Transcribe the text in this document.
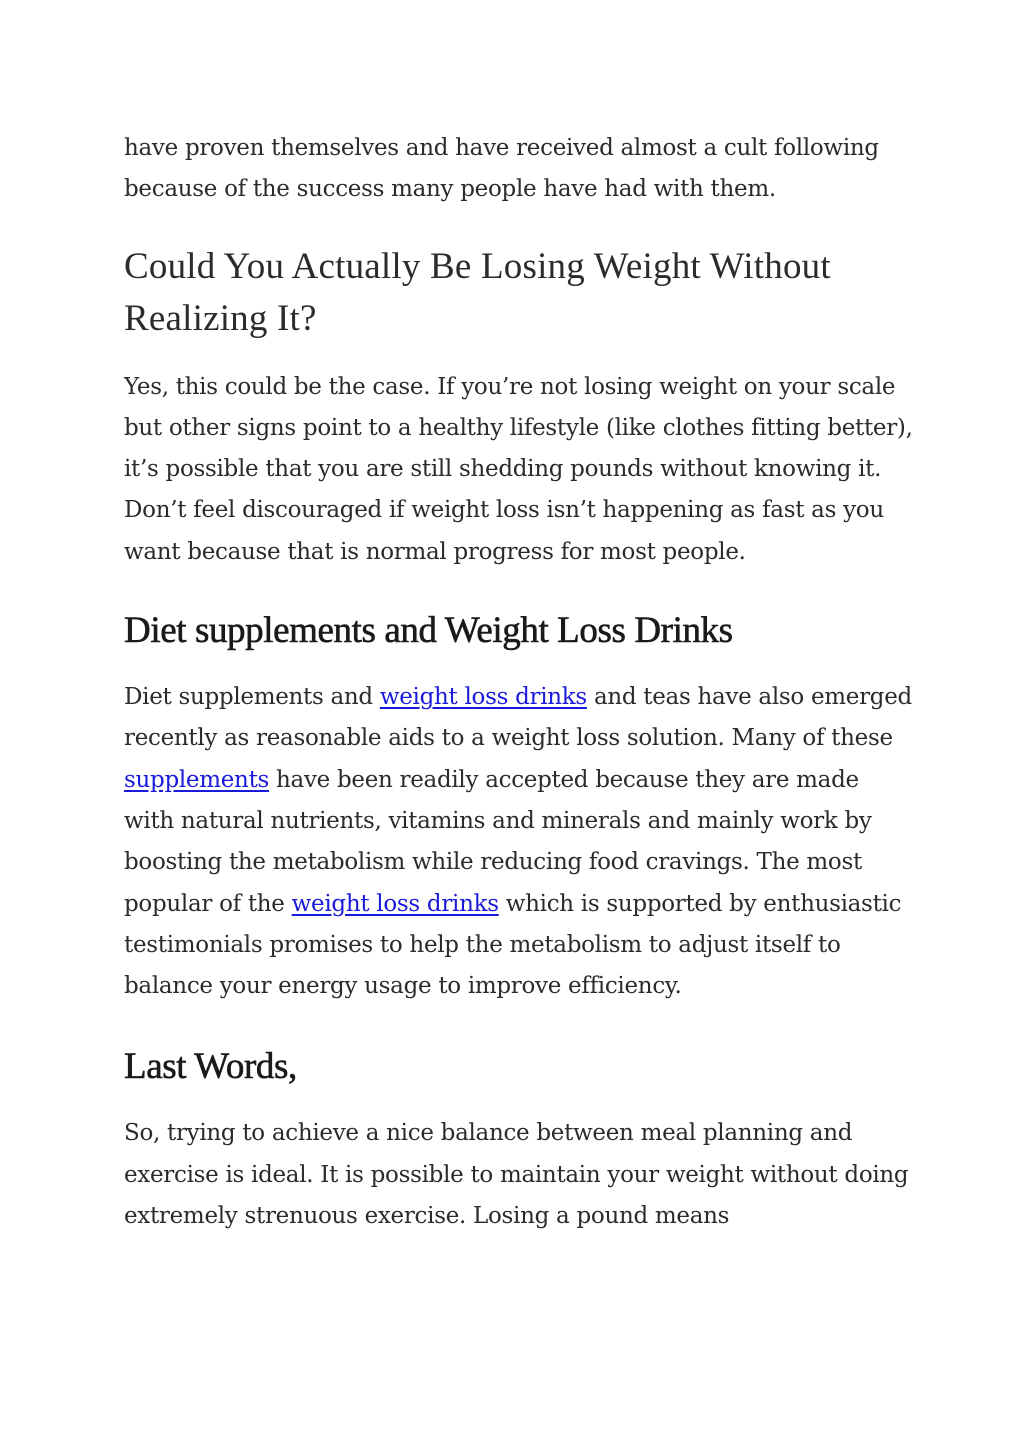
have proven themselves and have received almost a cult following because of the success many people have had with them.

Could You Actually Be Losing Weight Without Realizing It?

Yes, this could be the case. If you’re not losing weight on your scale but other signs point to a healthy lifestyle (like clothes fitting better), it’s possible that you are still shedding pounds without knowing it. Don’t feel discouraged if weight loss isn’t happening as fast as you want because that is normal progress for most people.

Diet supplements and Weight Loss Drinks

Diet supplements and weight loss drinks and teas have also emerged recently as reasonable aids to a weight loss solution. Many of these supplements have been readily accepted because they are made with natural nutrients, vitamins and minerals and mainly work by boosting the metabolism while reducing food cravings. The most popular of the weight loss drinks which is supported by enthusiastic testimonials promises to help the metabolism to adjust itself to balance your energy usage to improve efficiency.

Last Words,

So, trying to achieve a nice balance between meal planning and exercise is ideal. It is possible to maintain your weight without doing extremely strenuous exercise. Losing a pound means
